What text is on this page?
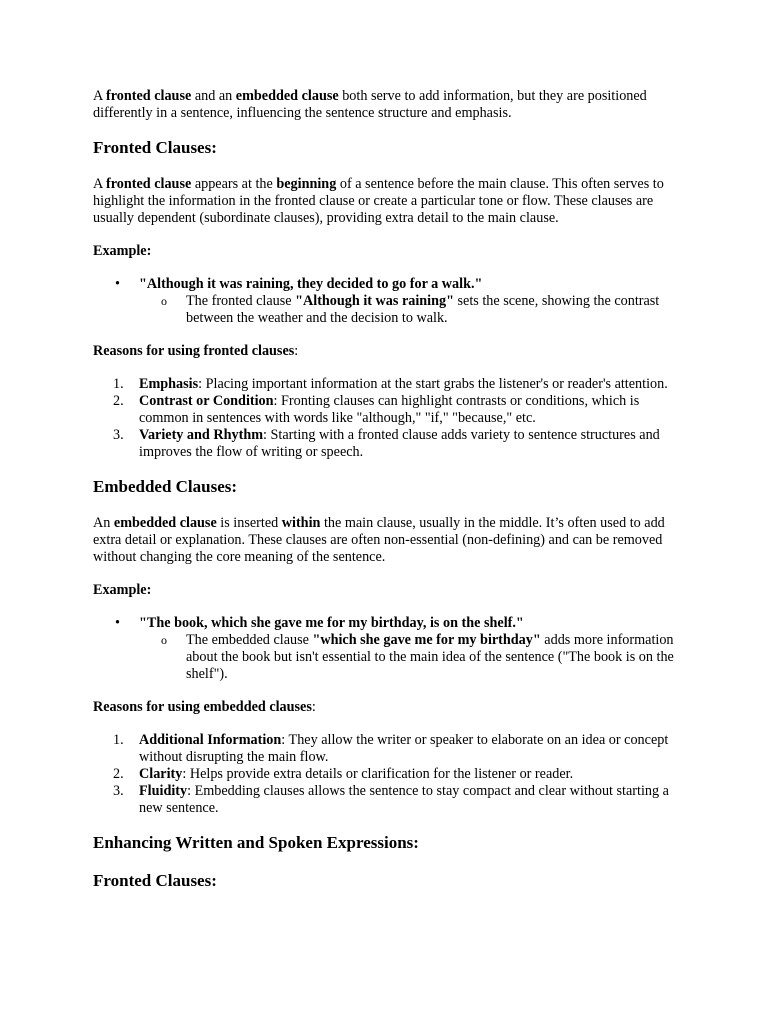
A fronted clause and an embedded clause both serve to add information, but they are positioned differently in a sentence, influencing the sentence structure and emphasis.

Fronted Clauses:

A fronted clause appears at the beginning of a sentence before the main clause. This often serves to highlight the information in the fronted clause or create a particular tone or flow. These clauses are usually dependent (subordinate clauses), providing extra detail to the main clause.

Example:
• "Although it was raining, they decided to go for a walk."
o The fronted clause "Although it was raining" sets the scene, showing the contrast between the weather and the decision to walk.

Reasons for using fronted clauses:

1. Emphasis: Placing important information at the start grabs the listener's or reader's attention.
2. Contrast or Condition: Fronting clauses can highlight contrasts or conditions, which is common in sentences with words like "although," "if," "because," etc.
3. Variety and Rhythm: Starting with a fronted clause adds variety to sentence structures and improves the flow of writing or speech.
Embedded Clauses:

An embedded clause is inserted within the main clause, usually in the middle. It’s often used to add extra detail or explanation. These clauses are often non-essential (non-defining) and can be removed without changing the core meaning of the sentence.

Example:
• "The book, which she gave me for my birthday, is on the shelf."
o The embedded clause "which she gave me for my birthday" adds more information about the book but isn't essential to the main idea of the sentence ("The book is on the shelf").

Reasons for using embedded clauses:

1. Additional Information: They allow the writer or speaker to elaborate on an idea or concept without disrupting the main flow.
2. Clarity: Helps provide extra details or clarification for the listener or reader.
3. Fluidity: Embedding clauses allows the sentence to stay compact and clear without starting a new sentence.
Enhancing Written and Spoken Expressions:
Fronted Clauses:
